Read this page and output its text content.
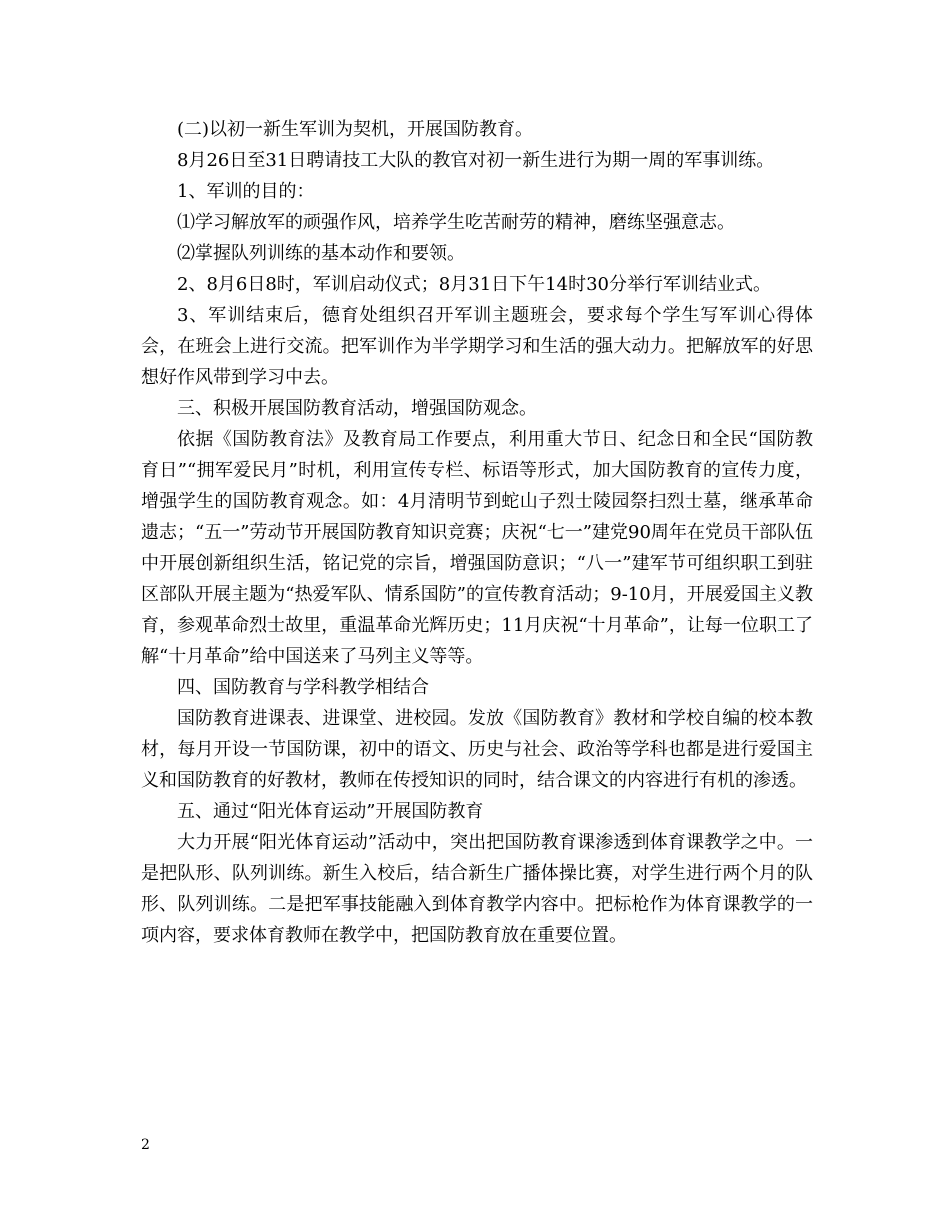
(二)以初一新生军训为契机，开展国防教育。

8月26日至31日聘请技工大队的教官对初一新生进行为期一周的军事训练。

1、军训的目的：

⑴学习解放军的顽强作风，培养学生吃苦耐劳的精神，磨练坚强意志。

⑵掌握队列训练的基本动作和要领。

2、8月6日8时，军训启动仪式；8月31日下午14时30分举行军训结业式。

3、军训结束后，德育处组织召开军训主题班会，要求每个学生写军训心得体会，在班会上进行交流。把军训作为半学期学习和生活的强大动力。把解放军的好思想好作风带到学习中去。

三、积极开展国防教育活动，增强国防观念。

依据《国防教育法》及教育局工作要点，利用重大节日、纪念日和全民“国防教育日”“拥军爱民月”时机，利用宣传专栏、标语等形式，加大国防教育的宣传力度，增强学生的国防教育观念。如：4月清明节到蛇山子烈士陵园祭扫烈士墓，继承革命遗志；“五一”劳动节开展国防教育知识竞赛；庆祝“七一”建党90周年在党员干部队伍中开展创新组织生活，铭记党的宗旨，增强国防意识；“八一”建军节可组织职工到驻区部队开展主题为“热爱军队、情系国防”的宣传教育活动；9-10月，开展爱国主义教育，参观革命烈士故里，重温革命光辉历史；11月庆祝“十月革命”，让每一位职工了解“十月革命”给中国送来了马列主义等等。

四、国防教育与学科教学相结合

国防教育进课表、进课堂、进校园。发放《国防教育》教材和学校自编的校本教材，每月开设一节国防课，初中的语文、历史与社会、政治等学科也都是进行爱国主义和国防教育的好教材，教师在传授知识的同时，结合课文的内容进行有机的渗透。

五、通过“阳光体育运动”开展国防教育

大力开展“阳光体育运动”活动中，突出把国防教育课渗透到体育课教学之中。一是把队形、队列训练。新生入校后，结合新生广播体操比赛，对学生进行两个月的队形、队列训练。二是把军事技能融入到体育教学内容中。把标枪作为体育课教学的一项内容，要求体育教师在教学中，把国防教育放在重要位置。

2
